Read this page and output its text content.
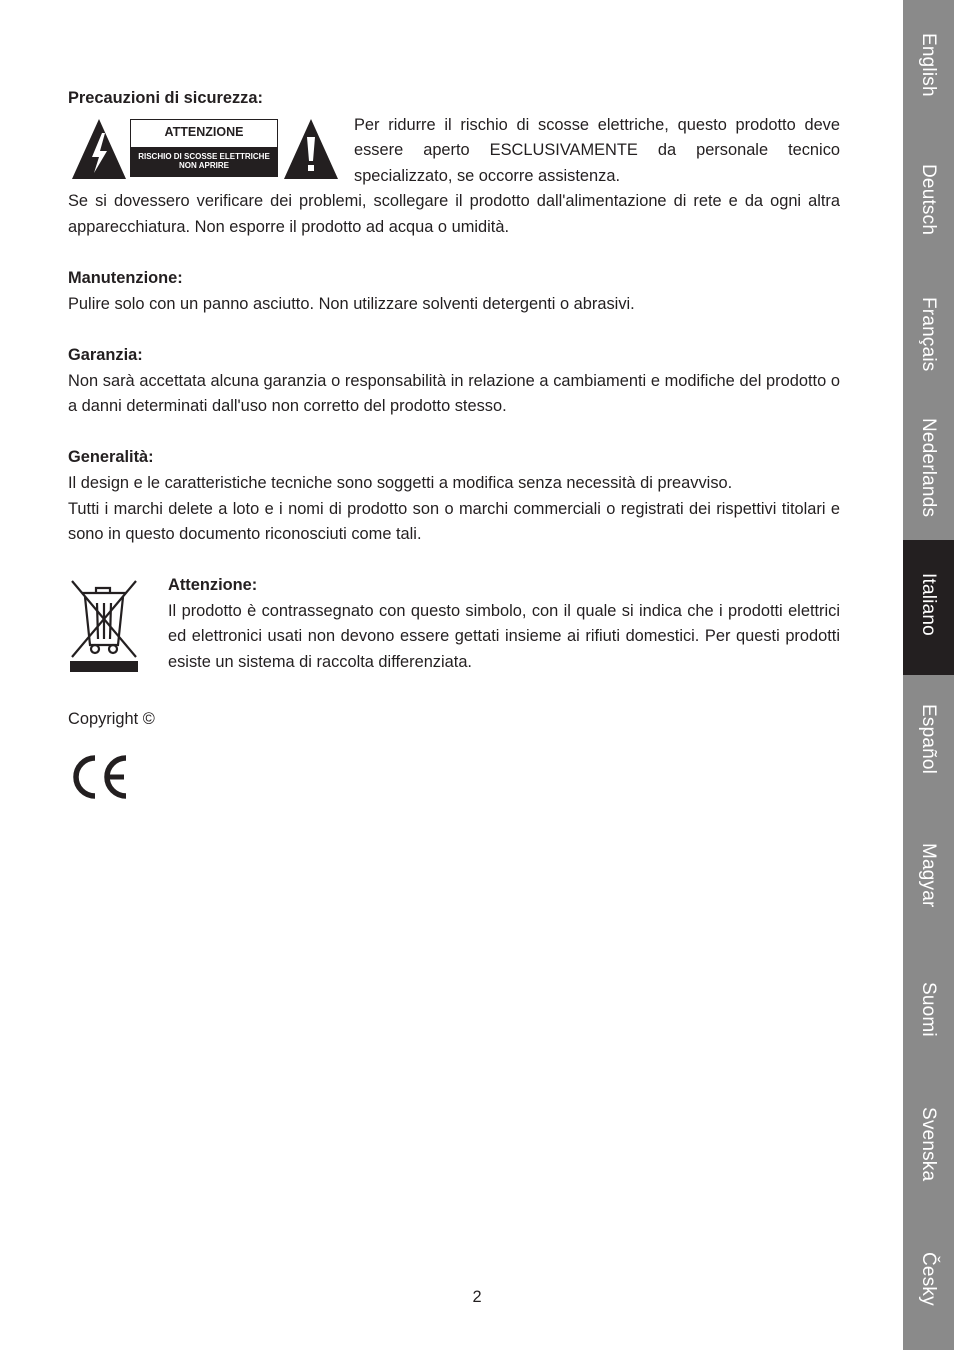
Precauzioni di sicurezza:
ATTENZIONE
RISCHIO DI SCOSSE ELETTRICHE
NON APRIRE
Per ridurre il rischio di scosse elettriche, questo prodotto deve essere aperto ESCLUSIVAMENTE da personale tecnico specializzato, se occorre assistenza.

Se si dovessero verificare dei problemi, scollegare il prodotto dall'alimentazione di rete e da ogni altra apparecchiatura. Non esporre il prodotto ad acqua o umidità.

Manutenzione:

Pulire solo con un panno asciutto. Non utilizzare solventi detergenti o abrasivi.

Garanzia:

Non sarà accettata alcuna garanzia o responsabilità in relazione a cambiamenti e modifiche del prodotto o a danni determinati dall'uso non corretto del prodotto stesso.

Generalità:

Il design e le caratteristiche tecniche sono soggetti a modifica senza necessità di preavviso.

Tutti i marchi delete a loto e i nomi di prodotto son o marchi commerciali o registrati dei rispettivi titolari e sono in questo documento riconosciuti come tali.

Attenzione:

Il prodotto è contrassegnato con questo simbolo, con il quale si indica che i prodotti elettrici ed elettronici usati non devono essere gettati insieme ai rifiuti domestici. Per questi prodotti esiste un sistema di raccolta differenziata.

Copyright ©
2
English
Deutsch
Français
Nederlands
Italiano
Español
Magyar
Suomi
Svenska
Česky
